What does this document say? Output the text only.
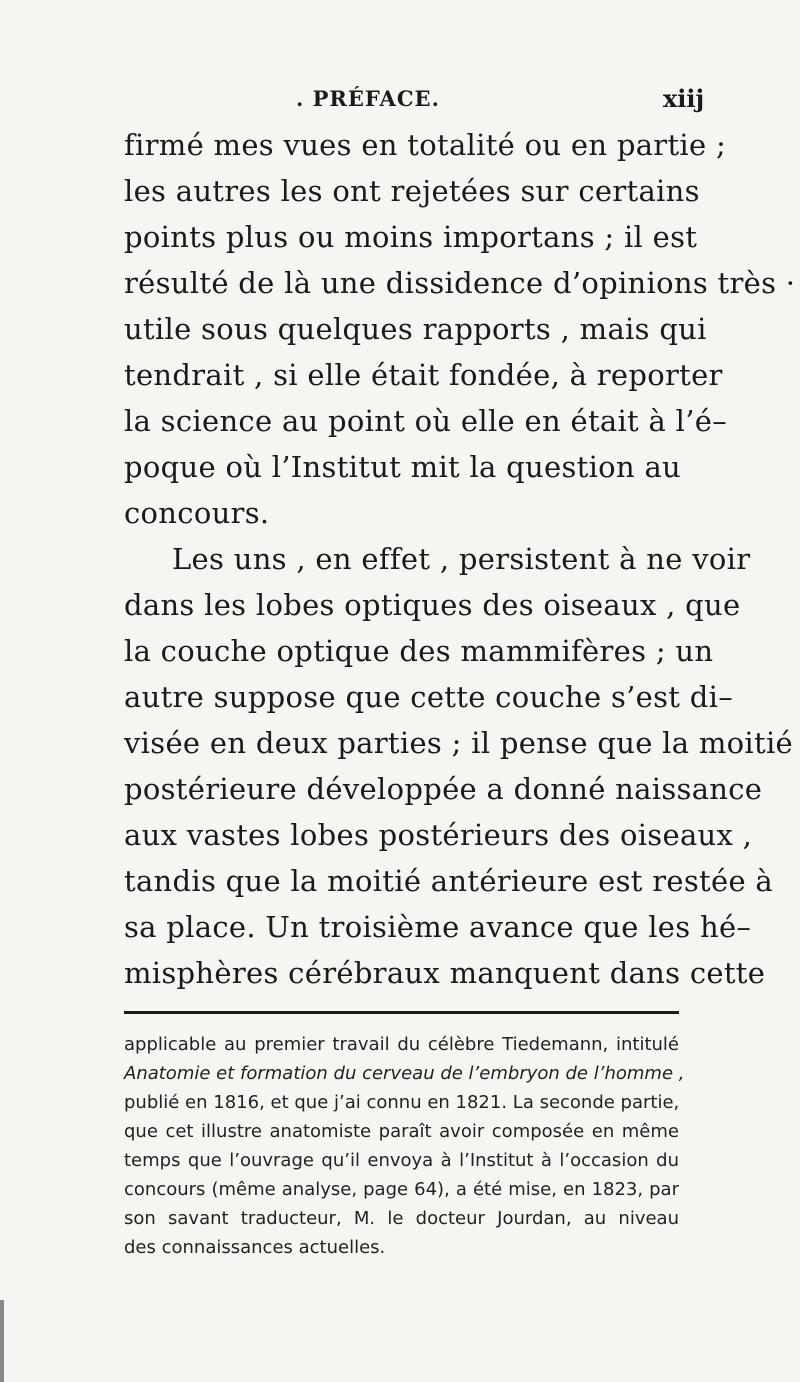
. PRÉFACE.	xiij
firmé mes vues en totalité ou en partie ;
les autres les ont rejetées sur certains
points plus ou moins importans ; il est
résulté de là une dissidence d’opinions très ·
utile sous quelques rapports , mais qui
tendrait , si elle était fondée, à reporter
la science au point où elle en était à l’é–
poque où l’Institut mit la question au
concours.
Les uns , en effet , persistent à ne voir
dans les lobes optiques des oiseaux , que
la couche optique des mammifères ; un
autre suppose que cette couche s’est di–
visée en deux parties ; il pense que la moitié
postérieure développée a donné naissance
aux vastes lobes postérieurs des oiseaux ,
tandis que la moitié antérieure est restée à
sa place. Un troisième avance que les hé–
misphères cérébraux manquent dans cette
applicable au premier travail du célèbre Tiedemann, intitulé
Anatomie et formation du cerveau de l’embryon de l’homme ,
publié en 1816, et que j’ai connu en 1821. La seconde partie,
que cet illustre anatomiste paraît avoir composée en même
temps que l’ouvrage qu’il envoya à l’Institut à l’occasion du
concours (même analyse, page 64), a été mise, en 1823, par
son savant traducteur, M. le docteur Jourdan, au niveau
des connaissances actuelles.
